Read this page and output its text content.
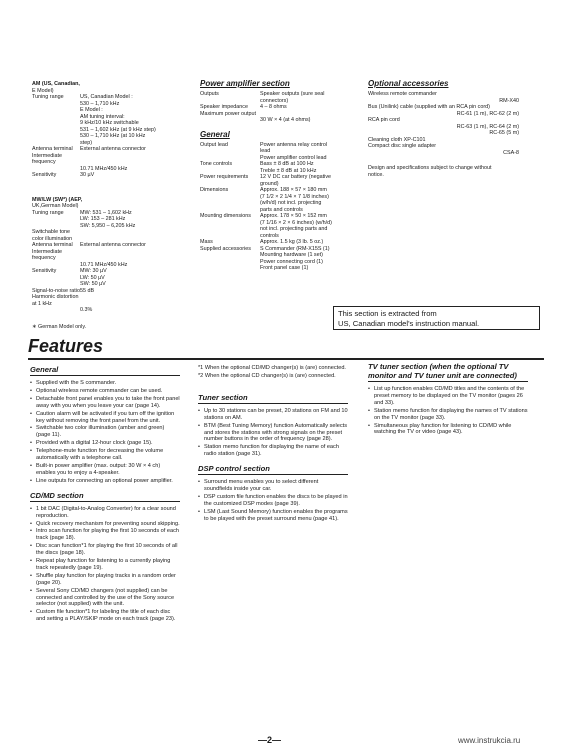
AM (US, Canadian,
E Model)
Tuning range	US, Canadian Model :
530 – 1,710 kHz
E Model :
AM tuning interval:
9 kHz/10 kHz switchable
531 – 1,602 kHz (at 9 kHz step)
530 – 1,710 kHz (at 10 kHz
step)
Antenna terminal	External antenna connector
Intermediate frequency
10.71 MHz/450 kHz
Sensitivity	30 µV
MW/LW (SW*) (AEP,
UK,German Model)
Tuning range	MW: 531 – 1,602 kHz
LW: 153 – 281 kHz
SW: 5,950 – 6,205 kHz
Switchable tone color illumination
Antenna terminal	External antenna connector
Intermediate frequency
10.71 MHz/450 kHz
Sensitivity	MW: 30 µV
LW: 50 µV
SW: 50 µV
Signal-to-noise ratio 55 dB
Harmonic distortion at 1 kHz
0.3%
∗ German Model only.
Power amplifier section
Outputs	Speaker outputs (sure seal
connectors)
Speaker impedance	4 – 8 ohms
Maximum power output
30 W × 4 (at 4 ohms)
General
Output lead	Power antenna relay control
lead
Power amplifier control lead
Tone controls	Bass ± 8 dB at 100 Hz
Treble ± 8 dB at 10 kHz
Power requirements	12 V DC car battery (negative
ground)
Dimensions	Approx. 188 × 57 × 180 mm
(7 1/2 × 2 1/4 × 7 1/8 inches)
(w/h/d) not incl. projecting
parts and controls
Mounting dimensions	Approx. 178 × 50 × 152 mm
(7 1/16 × 2 × 6 inches) (w/h/d)
not incl. projecting parts and
controls
Mass	Approx. 1.5 kg (3 lb. 5 oz.)
Supplied accessories	S Commander (RM-X15S (1)
Mounting hardware (1 set)
Power connecting cord (1)
Front panel case (1)
Optional accessories
Wireless remote commander
RM-X40
Bus (Unilink) cable (supplied with an RCA pin cord)
RC-61 (1 m), RC-62 (2 m)
RCA pin cord
RC-63 (1 m), RC-64 (2 m)
RC-65 (5 m)
Cleaning cloth XP-C101
Compact disc single adapter
CSA-8
Design and specifications subject to change without notice.
This section is extracted from
US, Canadian model's instruction manual.
Features
General
• Supplied with the S commander.
• Optional wireless remote commander can be used.
• Detachable front panel enables you to take the front panel away with you when you leave your car (page 14).
• Caution alarm will be activated if you turn off the ignition key without removing the front panel from the unit.
• Switchable two color illumination (amber and green) (page 11).
• Provided with a digital 12-hour clock (page 15).
• Telephone-mute function for decreasing the volume automatically with a telephone call.
• Built-in power amplifier (max. output: 30 W × 4 ch) enables you to enjoy a 4-speaker.
• Line outputs for connecting an optional power amplifier.
CD/MD section
• 1 bit DAC (Digital-to-Analog Converter) for a clear sound reproduction.
• Quick recovery mechanism for preventing sound skipping.
• Intro scan function for playing the first 10 seconds of each track (page 18).
• Disc scan function*1 for playing the first 10 seconds of all the discs (page 18).
• Repeat play function for listening to a currently playing track repeatedly (page 19).
• Shuffle play function for playing tracks in a random order (page 20).
• Several Sony CD/MD changers (not supplied) can be connected and controlled by the use of the Sony source selector (not supplied) with the unit.
• Custom file function*1 for labeling the title of each disc and setting a PLAY/SKIP mode on each track (page 23).
*1 When the optional CD/MD changer(s) is (are) connected.
*2 When the optional CD changer(s) is (are) connected.
Tuner section
• Up to 30 stations can be preset, 20 stations on FM and 10 stations on AM.
• BTM (Best Tuning Memory) function Automatically selects and stores the stations with strong signals on the preset number buttons in the order of frequency (page 28).
• Station memo function for displaying the name of each radio station (page 31).
DSP control section
• Surround menu enables you to select different soundfields inside your car.
• DSP custom file function enables the discs to be played in the customized DSP modes (page 39).
• LSM (Last Sound Memory) function enables the programs to be played with the preset surround menu (page 41).
TV tuner section (when the optional TV monitor and TV tuner unit are connected)
• List up function enables CD/MD titles and the contents of the preset memory to be displayed on the TV monitor (pages 26 and 33).
• Station memo function for displaying the names of TV stations on the TV monitor (page 33).
• Simultaneous play function for listening to CD/MD while watching the TV or video (page 43).
—2—	www.instrukcia.ru
